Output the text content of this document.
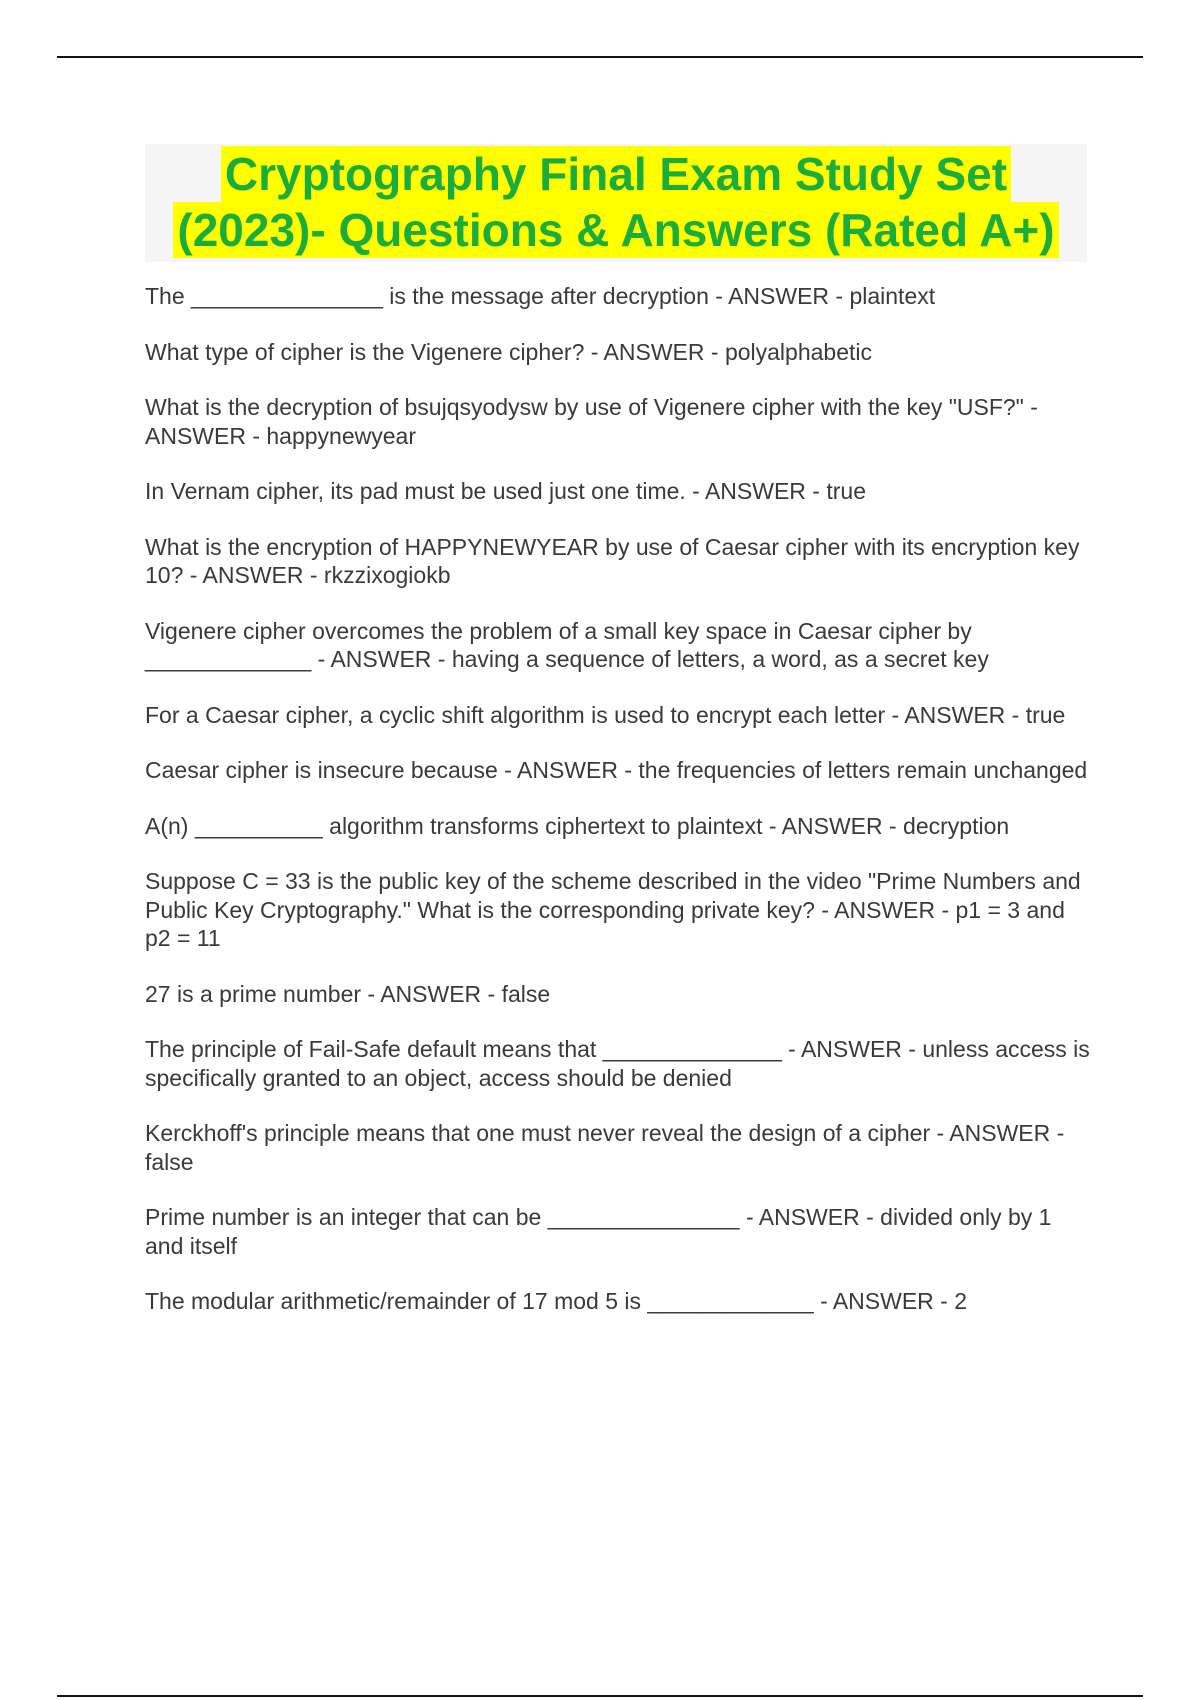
Cryptography Final Exam Study Set
(2023)- Questions & Answers (Rated A+)
The _______________ is the message after decryption - ANSWER - plaintext
What type of cipher is the Vigenere cipher? - ANSWER - polyalphabetic
What is the decryption of bsujqsyodysw by use of Vigenere cipher with the key "USF?" - ANSWER - happynewyear
In Vernam cipher, its pad must be used just one time. - ANSWER - true
What is the encryption of HAPPYNEWYEAR by use of Caesar cipher with its encryption key 10? - ANSWER - rkzzixogiokb
Vigenere cipher overcomes the problem of a small key space in Caesar cipher by _____________ - ANSWER - having a sequence of letters, a word, as a secret key
For a Caesar cipher, a cyclic shift algorithm is used to encrypt each letter - ANSWER - true
Caesar cipher is insecure because - ANSWER - the frequencies of letters remain unchanged
A(n) __________ algorithm transforms ciphertext to plaintext - ANSWER - decryption
Suppose C = 33 is the public key of the scheme described in the video "Prime Numbers and Public Key Cryptography." What is the corresponding private key? - ANSWER - p1 = 3 and p2 = 11
27 is a prime number - ANSWER - false
The principle of Fail-Safe default means that ______________ - ANSWER - unless access is specifically granted to an object, access should be denied
Kerckhoff's principle means that one must never reveal the design of a cipher - ANSWER - false
Prime number is an integer that can be _______________ - ANSWER - divided only by 1 and itself
The modular arithmetic/remainder of 17 mod 5 is _____________ - ANSWER - 2
